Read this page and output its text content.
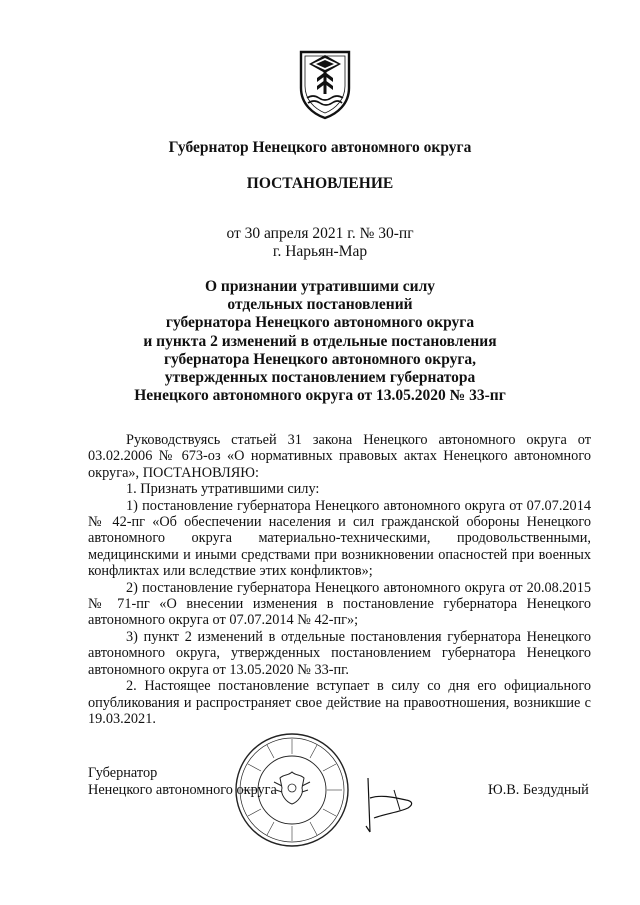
Губернатор Ненецкого автономного округа
ПОСТАНОВЛЕНИЕ
от 30 апреля 2021 г. № 30-пг
г. Нарьян-Мар
О признании утратившими силу
отдельных постановлений
губернатора Ненецкого автономного округа
и пункта 2 изменений в отдельные постановления
губернатора Ненецкого автономного округа,
утвержденных постановлением губернатора
Ненецкого автономного округа от 13.05.2020 № 33-пг

Руководствуясь статьей 31 закона Ненецкого автономного округа от 03.02.2006 № 673-оз «О нормативных правовых актах Ненецкого автономного округа», ПОСТАНОВЛЯЮ:

1. Признать утратившими силу:

1) постановление губернатора Ненецкого автономного округа от 07.07.2014 № 42-пг «Об обеспечении населения и сил гражданской обороны Ненецкого автономного округа материально-техническими, продовольственными, медицинскими и иными средствами при возникновении опасностей при военных конфликтах или вследствие этих конфликтов»;

2) постановление губернатора Ненецкого автономного округа от 20.08.2015 № 71-пг «О внесении изменения в постановление губернатора Ненецкого автономного округа от 07.07.2014 № 42-пг»;

3) пункт 2 изменений в отдельные постановления губернатора Ненецкого автономного округа, утвержденных постановлением губернатора Ненецкого автономного округа от 13.05.2020 № 33-пг.

2. Настоящее постановление вступает в силу со дня его официального опубликования и распространяет свое действие на правоотношения, возникшие с 19.03.2021.

Губернатор
Ненецкого автономного округа	Ю.В. Бездудный
